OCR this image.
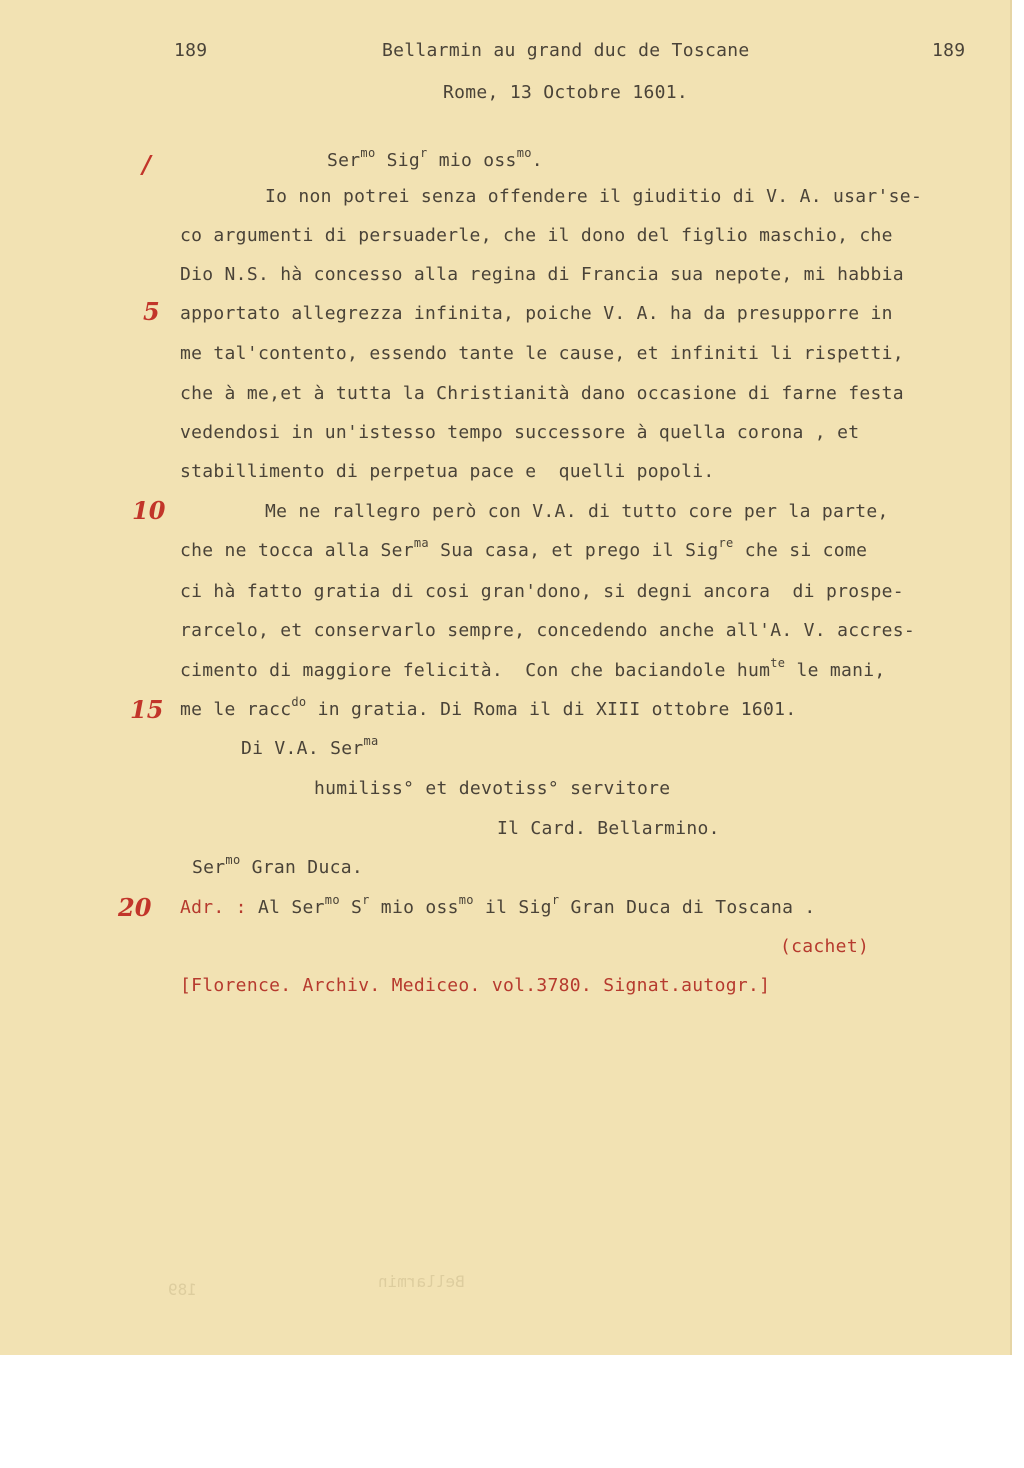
189	Bellarmin au grand duc de Toscane	189
Rome, 13 Octobre 1601.
/
5
10
15
20
Ser$^{mo}$ Sig$^r$ mio oss$^{mo}$.
Io non potrei senza offendere il giuditio di V. A. usar'se-
co argumenti di persuaderle, che il dono del figlio maschio, che
Dio N.S. hà concesso alla regina di Francia sua nepote, mi habbia
apportato allegrezza infinita, poiche V. A. ha da presupporre in
me tal'contento, essendo tante le cause, et infiniti li rispetti,
che à me,et à tutta la Christianità dano occasione di farne festa
vedendosi in un'istesso tempo successore à quella corona , et
stabillimento di perpetua pace e  quelli popoli.
Me ne rallegro però con V.A. di tutto core per la parte,
che ne tocca alla Ser$^{ma}$ Sua casa, et prego il Sig$^{re}$ che si come
ci hà fatto gratia di cosi gran'dono, si degni ancora  di prospe-
rarcelo, et conservarlo sempre, concedendo anche all'A. V. accres-
cimento di maggiore felicità.  Con che baciandole hum$^{te}$ le mani,
me le racc$^{do}$ in gratia. Di Roma il di XIII ottobre 1601.
Di V.A. Ser$^{ma}$
humiliss° et devotiss° servitore
Il Card. Bellarmino.
Ser$^{mo}$ Gran Duca.
Adr. : Al Ser$^{mo}$ $S^r$ mio oss$^{mo}$ il Sig$^r$ Gran Duca di Toscana .
(cachet)
[Florence. Archiv. Mediceo. vol.3780. Signat.autogr.]
189	Bellarmin
